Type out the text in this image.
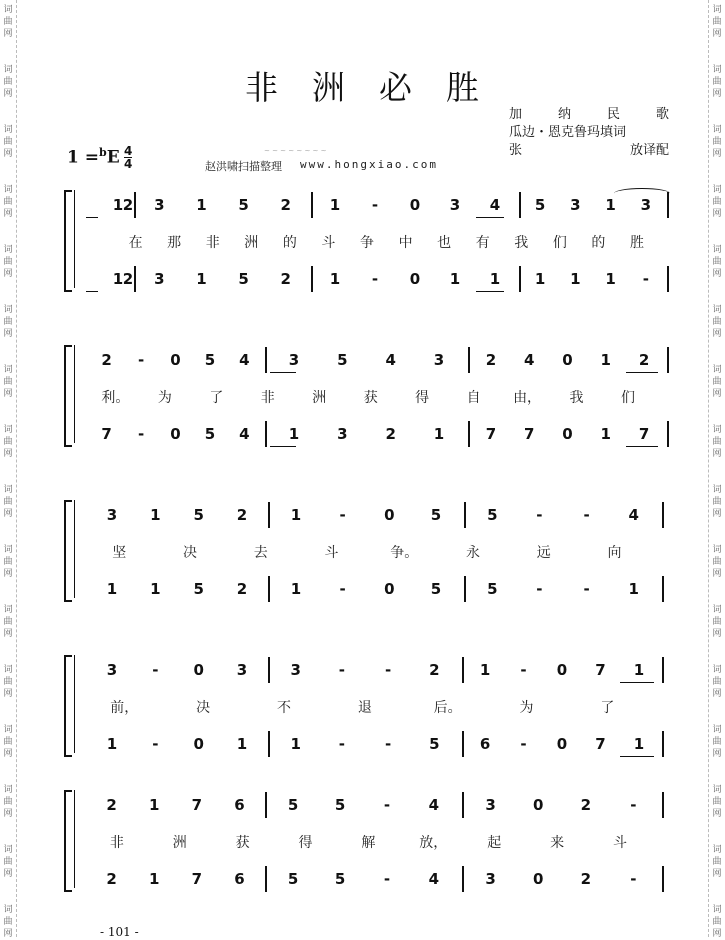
词
曲
网
词
曲
网
词
曲
网
词
曲
网
词
曲
网
词
曲
网
词
曲
网
词
曲
网
词
曲
网
词
曲
网
词
曲
网
词
曲
网
词
曲
网
词
曲
网
词
曲
网
词
曲
网
词
曲
网
词
曲
网
词
曲
网
词
曲
网
词
曲
网
词
曲
网
词
曲
网
词
曲
网
词
曲
网
词
曲
网
词
曲
网
词
曲
网
词
曲
网
词
曲
网
词
曲
网
词
曲
网
非洲必胜
1 =$^b$E 4
4
加	纳	民	歌
瓜边・恩克鲁玛填词
张	放译配
~ ~ ~ ~ ~ ~ ~ ~
赵洪啸扫描整理 www.hongxiao.com
1 2	3	1	5	2	1	-	0	3	4	5	3	1	3
1 2	3	1	5	2	1	-	0	1	1	1	1	1	-
在	那	非	洲	的	斗	争	中	也	有	我	们	的	胜
2	-	0	5	4	3	5	4	3	2	4	0	1	2
7	-	0	5	4	1	3	2	1	7	7	0	1	7
利。	为	了	非	洲	获	得	自	由，	我	们
3	1	5	2	1	-	0	5	5	-	-	4
1	1	5	2	1	-	0	5	5	-	-	1
坚	决	去	斗	争。	永	远	向
3	-	0	3	3	-	-	2	1	-	0	7	1
1	-	0	1	1	-	-	5	6	-	0	7	1
前，	决	不	退	后。	为	了
2	1	7	6	5	5	-	4	3	0	2	-
2	1	7	6	5	5	-	4	3	0	2	-
非	洲	获	得	解	放，	起	来	斗
- 101 -
